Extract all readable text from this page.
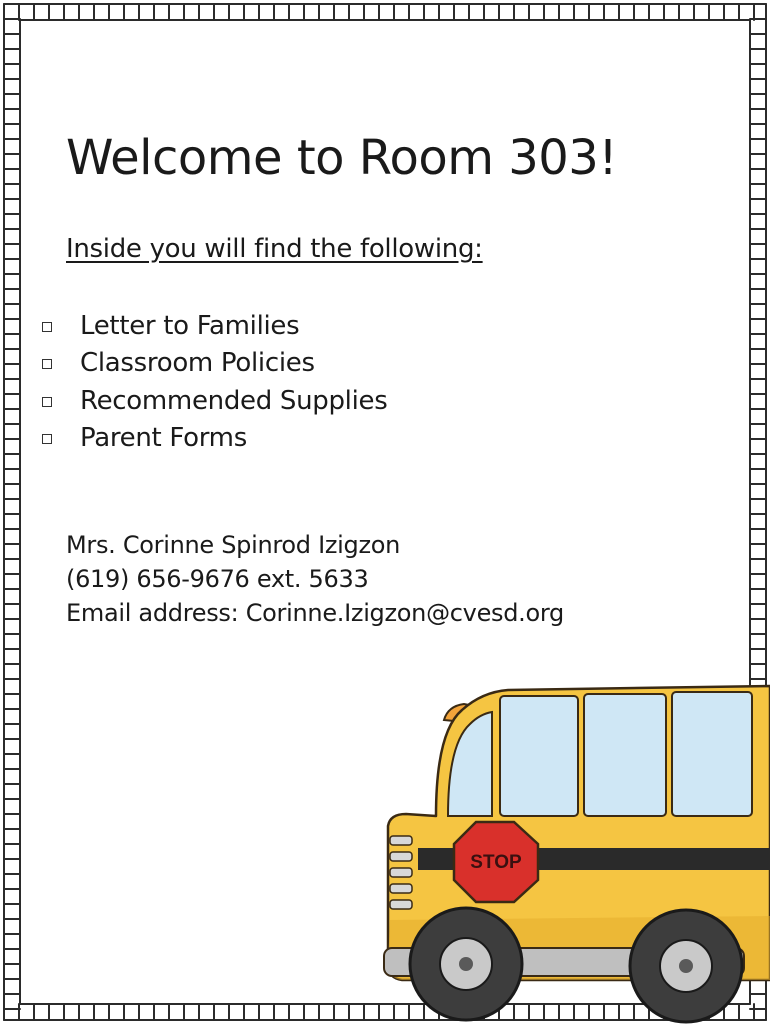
Welcome to Room 303!
Inside you will find the following:
Letter to Families
Classroom Policies
Recommended Supplies
Parent Forms
Mrs. Corinne Spinrod Izigzon
(619) 656-9676 ext. 5633
Email address: Corinne.Izigzon@cvesd.org
STOP
